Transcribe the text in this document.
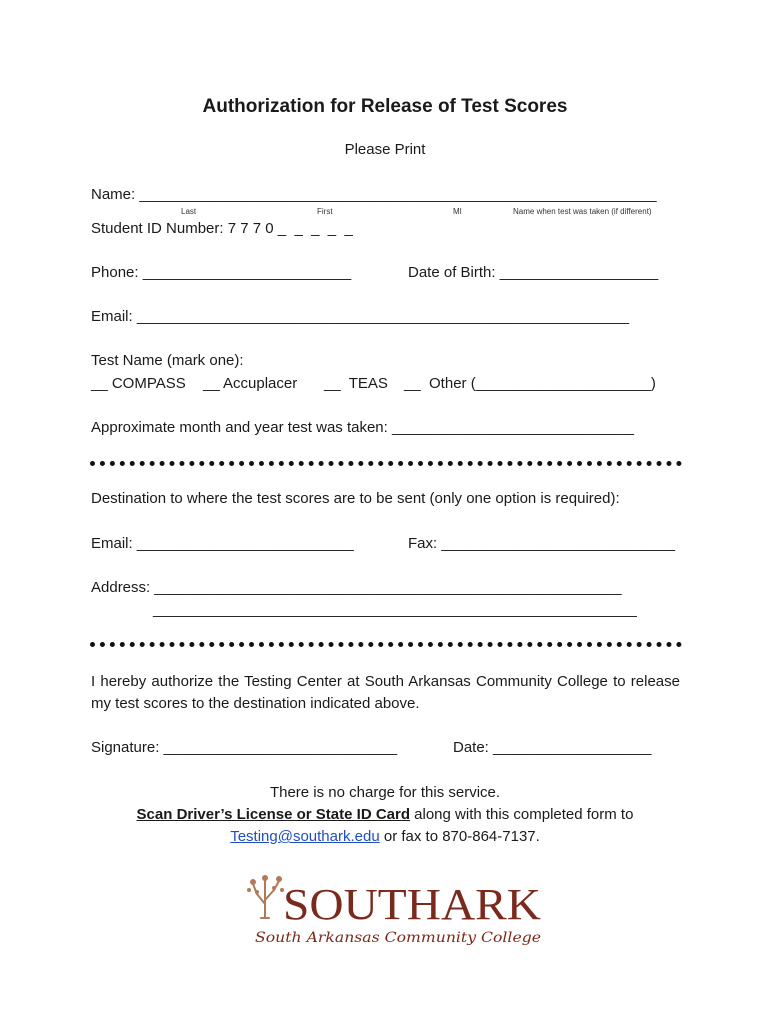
Authorization for Release of Test Scores
Please Print
Name: ______________________________________________________________
Last	First	MI	Name when test was taken (if different)
Student ID Number: 7 7 7 0 _  _  _  _  _
Phone: _________________________	Date of Birth: ___________________
Email: ___________________________________________________________
Test Name (mark one):
__ COMPASS __ Accuplacer __  TEAS __  Other (_____________________)
Approximate month and year test was taken: _____________________________
Destination to where the test scores are to be sent (only one option is required):
Email: __________________________	Fax: ____________________________
Address: ________________________________________________________
__________________________________________________________
I hereby authorize the Testing Center at South Arkansas Community College to release my test scores to the destination indicated above.
Signature: ____________________________	Date: ___________________
There is no charge for this service.
Scan Driver’s License or State ID Card along with this completed form to
Testing@southark.edu or fax to 870-864-7137.

SOUTHARK
South Arkansas Community College
